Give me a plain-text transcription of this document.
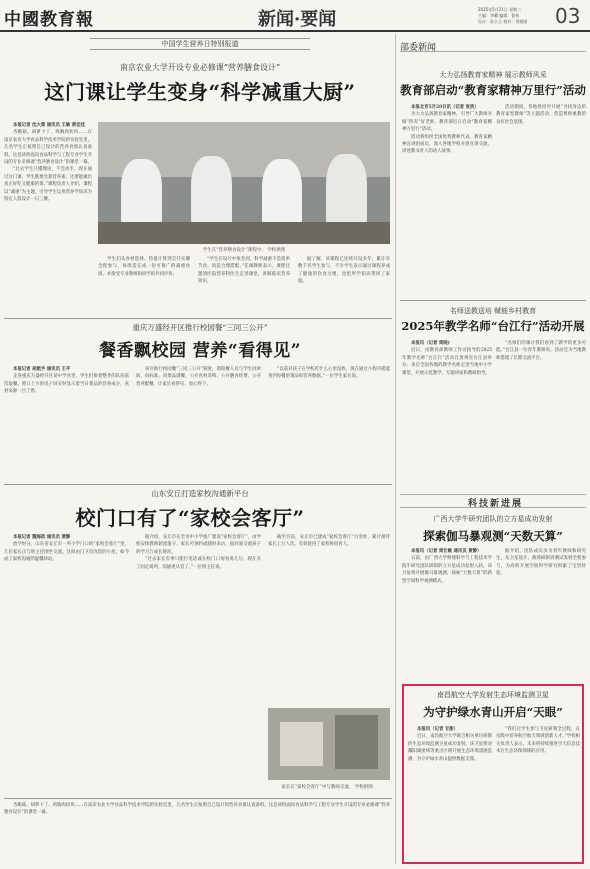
中國教育報	新闻·要闻	2025年5月21日 星期三
主编：李曜 编辑：曹伟
设计：孙小王 校对：刘建刚	03
中国学生营养日特别报道
南京农业大学开设专业必修课“营养膳食设计”
这门课让学生变身“科学减重大厨”

本报记者 沈大雷 通讯员 王敏 黄佳佳

杏鲍菇、胡萝卜丁、鸡胸肉切块……在南京农业大学食品科学技术学院的实验室里，几名学生正按照自己设计的营养食谱认真备料。这是该校面向食品科学与工程专业学生开设的专业必修课“营养膳食设计”的课堂一幕。

“过去学生只懂理论，不会动手，现在通过这门课，学生既要会算营养素，还要能做出真正好吃又健康的菜。”课程负责人介绍，课程以“减重”为主题，引导学生运用营养学知识为特定人群设计一日三餐。

学生在“营养膳食设计”课程中。 学校供图

学生们从食材选择、热量计算到烹饪实操全程参与，每组需完成一份可推广的减重食谱，并接受专业教师和同学的共同评价。

“学生在设计中体会到，科学减重不是简单节食，而是合理搭配。”任课教师表示，课程还邀请医院营养科医生走进课堂，讲解临床营养知识。

据了解，该课程已连续开设多年，累计有数千名学生参与，不少学生表示通过课程养成了健康的饮食习惯，也把所学知识带回了家庭。

重庆万盛经开区推行校园餐“三同三公开”
餐香飘校园 营养“看得见”

本报记者 胡航宇 通讯员 王平

走进重庆万盛经开区某中学食堂，学生们排着整齐的队伍依次取餐。窗口上方的电子屏实时显示着当日菜品的营养成分，食材来源一目了然。

该区推行校园餐“三同三公开”制度，即陪餐人员与学生同时间、同标准、同菜品就餐，公开食材采购、公开膳食经费、公开营养配餐，让家长看得见、放心得下。

“以前对孩子在学校吃什么心里没底，现在通过小程序就能查到每餐的菜品和营养数据。”一位学生家长说。

山东安丘打造家校沟通新平台
校门口有了“家校会客厅”

本报记者 魏海政 通讯员 黄静

放学时分，山东省安丘市一所小学门口的“家校会客厅”里，几位家长正与班主任围坐交流。这间由门卫室改造的小屋，如今成了家校沟通的温馨驿站。

据介绍，安丘市在全市中小学推广建设“家校会客厅”，由学校安排教师轮流值守，家长可预约或随时来访，面对面交流孩子的学习与成长情况。

“过去家长有事只能打电话或在校门口匆匆说几句，现在有了固定场所，沟通更从容了。”一位班主任说。

截至目前，安丘市已建成“家校会客厅”百余处，累计接待家长上万人次，有效促进了家校协同育人。

家长在“家校会客厅”中与教师交流。 学校供图

杏鲍菇、胡萝卜丁、鸡胸肉切块……在南京农业大学食品科学技术学院的实验室里，几名学生正按照自己设计的营养食谱认真备料。这是该校面向食品科学与工程专业学生开设的专业必修课“营养膳食设计”的课堂一幕。

部委新闻
大力弘扬教育家精神 展示教师风采
教育部启动“教育家精神万里行”活动

本报北京5月20日讯（记者 张欣）

为大力弘扬教育家精神，引导广大教师争做“四有”好老师，教育部近日启动“教育家精神万里行”活动。

活动将组织全国优秀教师代表、教育家精神宣讲团成员，深入各地学校开展宣讲交流，讲述教书育人的动人故事。

活动期间，各地将同步开展“寻找身边的教育家型教师”等主题活动，营造尊师重教的良好社会氛围。

名师送教送培 赋能乡村教育
2025年教学名师“台江行”活动开展

本报讯（记者 周晓)

近日，由教育部教师工作司指导的2025年教学名师“台江行”活动在贵州省台江县举办。来自全国各地的教学名师走进当地中小学课堂，开展示范教学、专题讲座和教研指导。

“名师们的课让我们看到了教学的更多可能。”台江县一位青年教师说。活动还为当地教师搭建了长期交流平台。

科技新进展
广西大学牛研究团队的立方星成功发射
探索伽马暴观测“天数天算”

本报讯（记者 周仕敏 通讯员 黄静）

日前，由广西大学物理科学与工程技术学院牛研究团队研制的立方星成功发射入轨。该卫星将开展伽马暴观测，探索“天数天算”的新型空间科学观测模式。

据介绍，团队成员多为青年教师和研究生，从卫星设计、载荷研制到测试发射全程参与，为高校开展空间科学研究积累了宝贵经验。

南昌航空大学发射生态环境监测卫星
为守护绿水青山开启“天眼”

本报讯（记者 甘甜）

近日，南昌航空大学联合相关单位研制的生态环境监测卫星成功发射。该卫星将对鄱阳湖流域等重点区域开展生态环境遥感监测，为守护绿水青山提供数据支撑。

“我们让学生参与卫星研制全过程，在实践中培养航空航天领域创新人才。”学校相关负责人表示，未来将持续推进空天信息技术在生态环保领域的应用。
